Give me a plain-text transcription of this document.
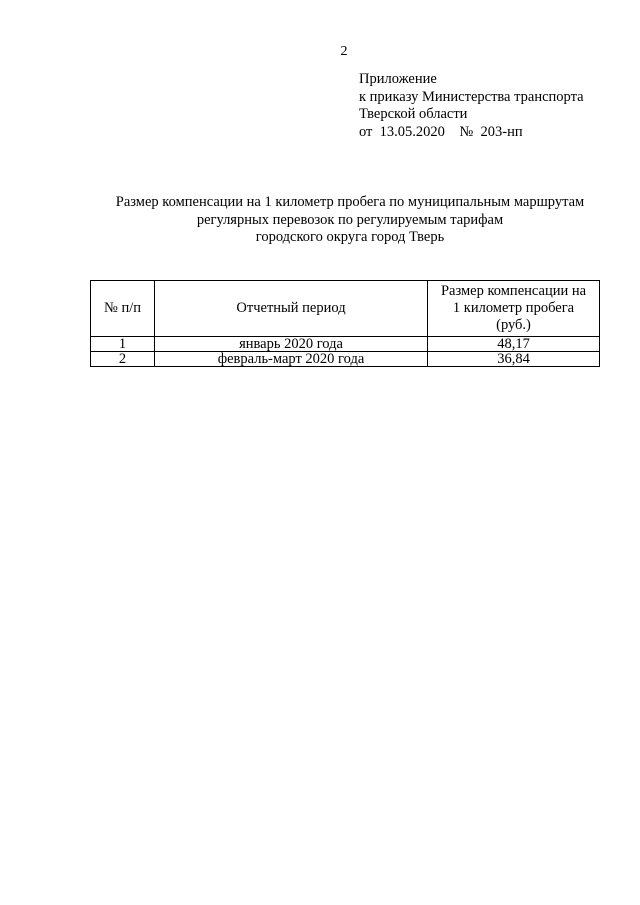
2
Приложение
к приказу Министерства транспорта
Тверской области
от 13.05.2020 № 203-нп
Размер компенсации на 1 километр пробега по муниципальным маршрутам
регулярных перевозок по регулируемым тарифам
городского округа город Тверь
№ п/п	Отчетный период	Размер компенсации на
1 километр пробега
(руб.)

1	январь 2020 года	48,17
2	февраль-март 2020 года	36,84
